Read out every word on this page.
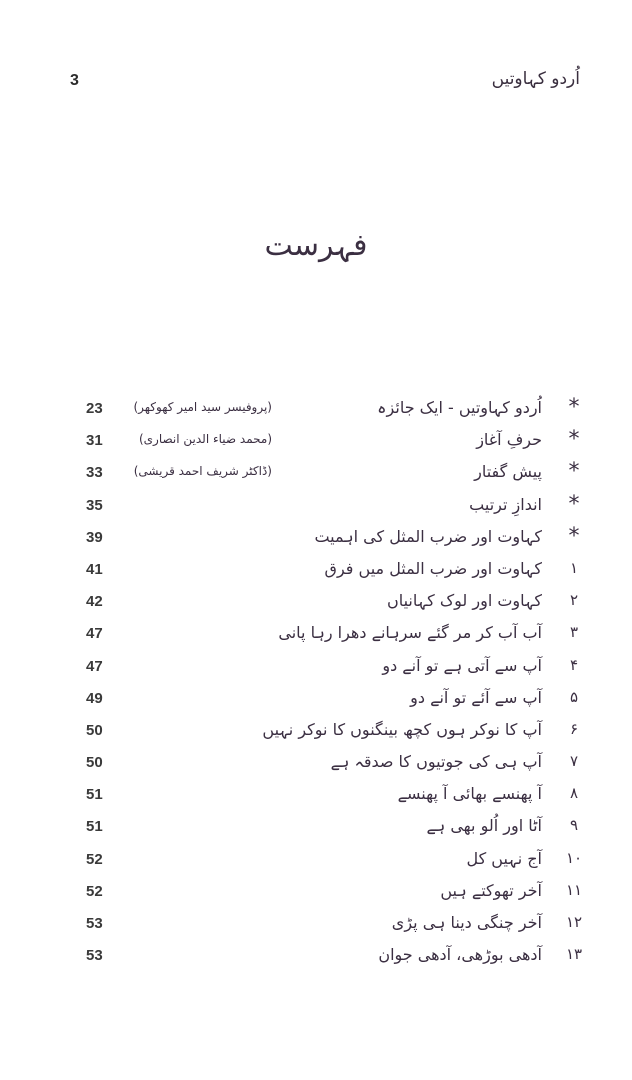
3	اُردو کہاوتیں
فہرست
*
اُردو کہاوتیں - ایک جائزہ
(پروفیسر سید امیر کھوکھر)
23
*
حرفِ آغاز
(محمد ضیاء الدین انصاری)
31
*
پیش گفتار
(ڈاکٹر شریف احمد قریشی)
33
*
اندازِ ترتیب
35
*
کہاوت اور ضرب المثل کی اہمیت
39
۱
کہاوت اور ضرب المثل میں فرق
41
۲
کہاوت اور لوک کہانیاں
42
۳
آب آب کر مر گئے سرہانے دھرا رہا پانی
47
۴
آپ سے آتی ہے تو آنے دو
47
۵
آپ سے آئے تو آنے دو
49
۶
آپ کا نوکر ہوں کچھ بینگنوں کا نوکر نہیں
50
۷
آپ ہی کی جوتیوں کا صدقہ ہے
50
۸
آ پھنسے بھائی آ پھنسے
51
۹
آٹا اور اُلو بھی ہے
51
۱۰
آج نہیں کل
52
۱۱
آخر تھوکتے ہیں
52
۱۲
آخر چنگی دینا ہی پڑی
53
۱۳
آدھی بوڑھی، آدھی جوان
53
